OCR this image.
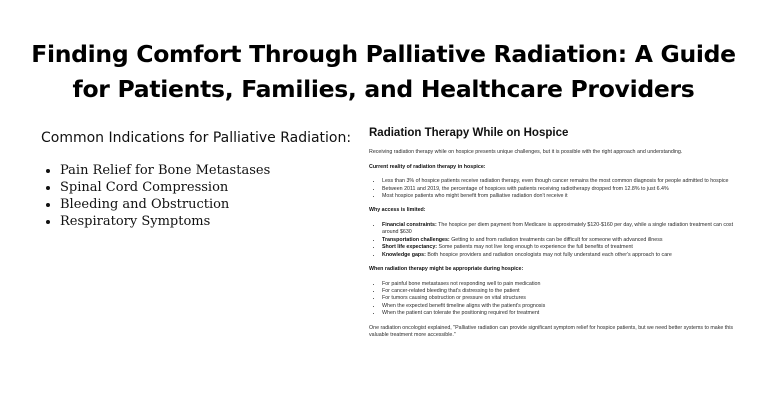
Finding Comfort Through Palliative Radiation: A Guide
for Patients, Families, and Healthcare Providers
Common Indications for Palliative Radiation:
• Pain Relief for Bone Metastases
• Spinal Cord Compression
• Bleeding and Obstruction
• Respiratory Symptoms
Radiation Therapy While on Hospice

Receiving radiation therapy while on hospice presents unique challenges, but it is possible with the right approach and understanding.

Current reality of radiation therapy in hospice:

• Less than 3% of hospice patients receive radiation therapy, even though cancer remains the most common diagnosis for people admitted to hospice
• Between 2011 and 2019, the percentage of hospices with patients receiving radiotherapy dropped from 12.8% to just 6.4%
• Most hospice patients who might benefit from palliative radiation don't receive it

Why access is limited:

• Financial constraints: The hospice per diem payment from Medicare is approximately $120-$160 per day, while a single radiation treatment can cost around $630
• Transportation challenges: Getting to and from radiation treatments can be difficult for someone with advanced illness
• Short life expectancy: Some patients may not live long enough to experience the full benefits of treatment
• Knowledge gaps: Both hospice providers and radiation oncologists may not fully understand each other's approach to care

When radiation therapy might be appropriate during hospice:

• For painful bone metastases not responding well to pain medication
• For cancer-related bleeding that's distressing to the patient
• For tumors causing obstruction or pressure on vital structures
• When the expected benefit timeline aligns with the patient's prognosis
• When the patient can tolerate the positioning required for treatment

One radiation oncologist explained, "Palliative radiation can provide significant symptom relief for hospice patients, but we need better systems to make this valuable treatment more accessible."
